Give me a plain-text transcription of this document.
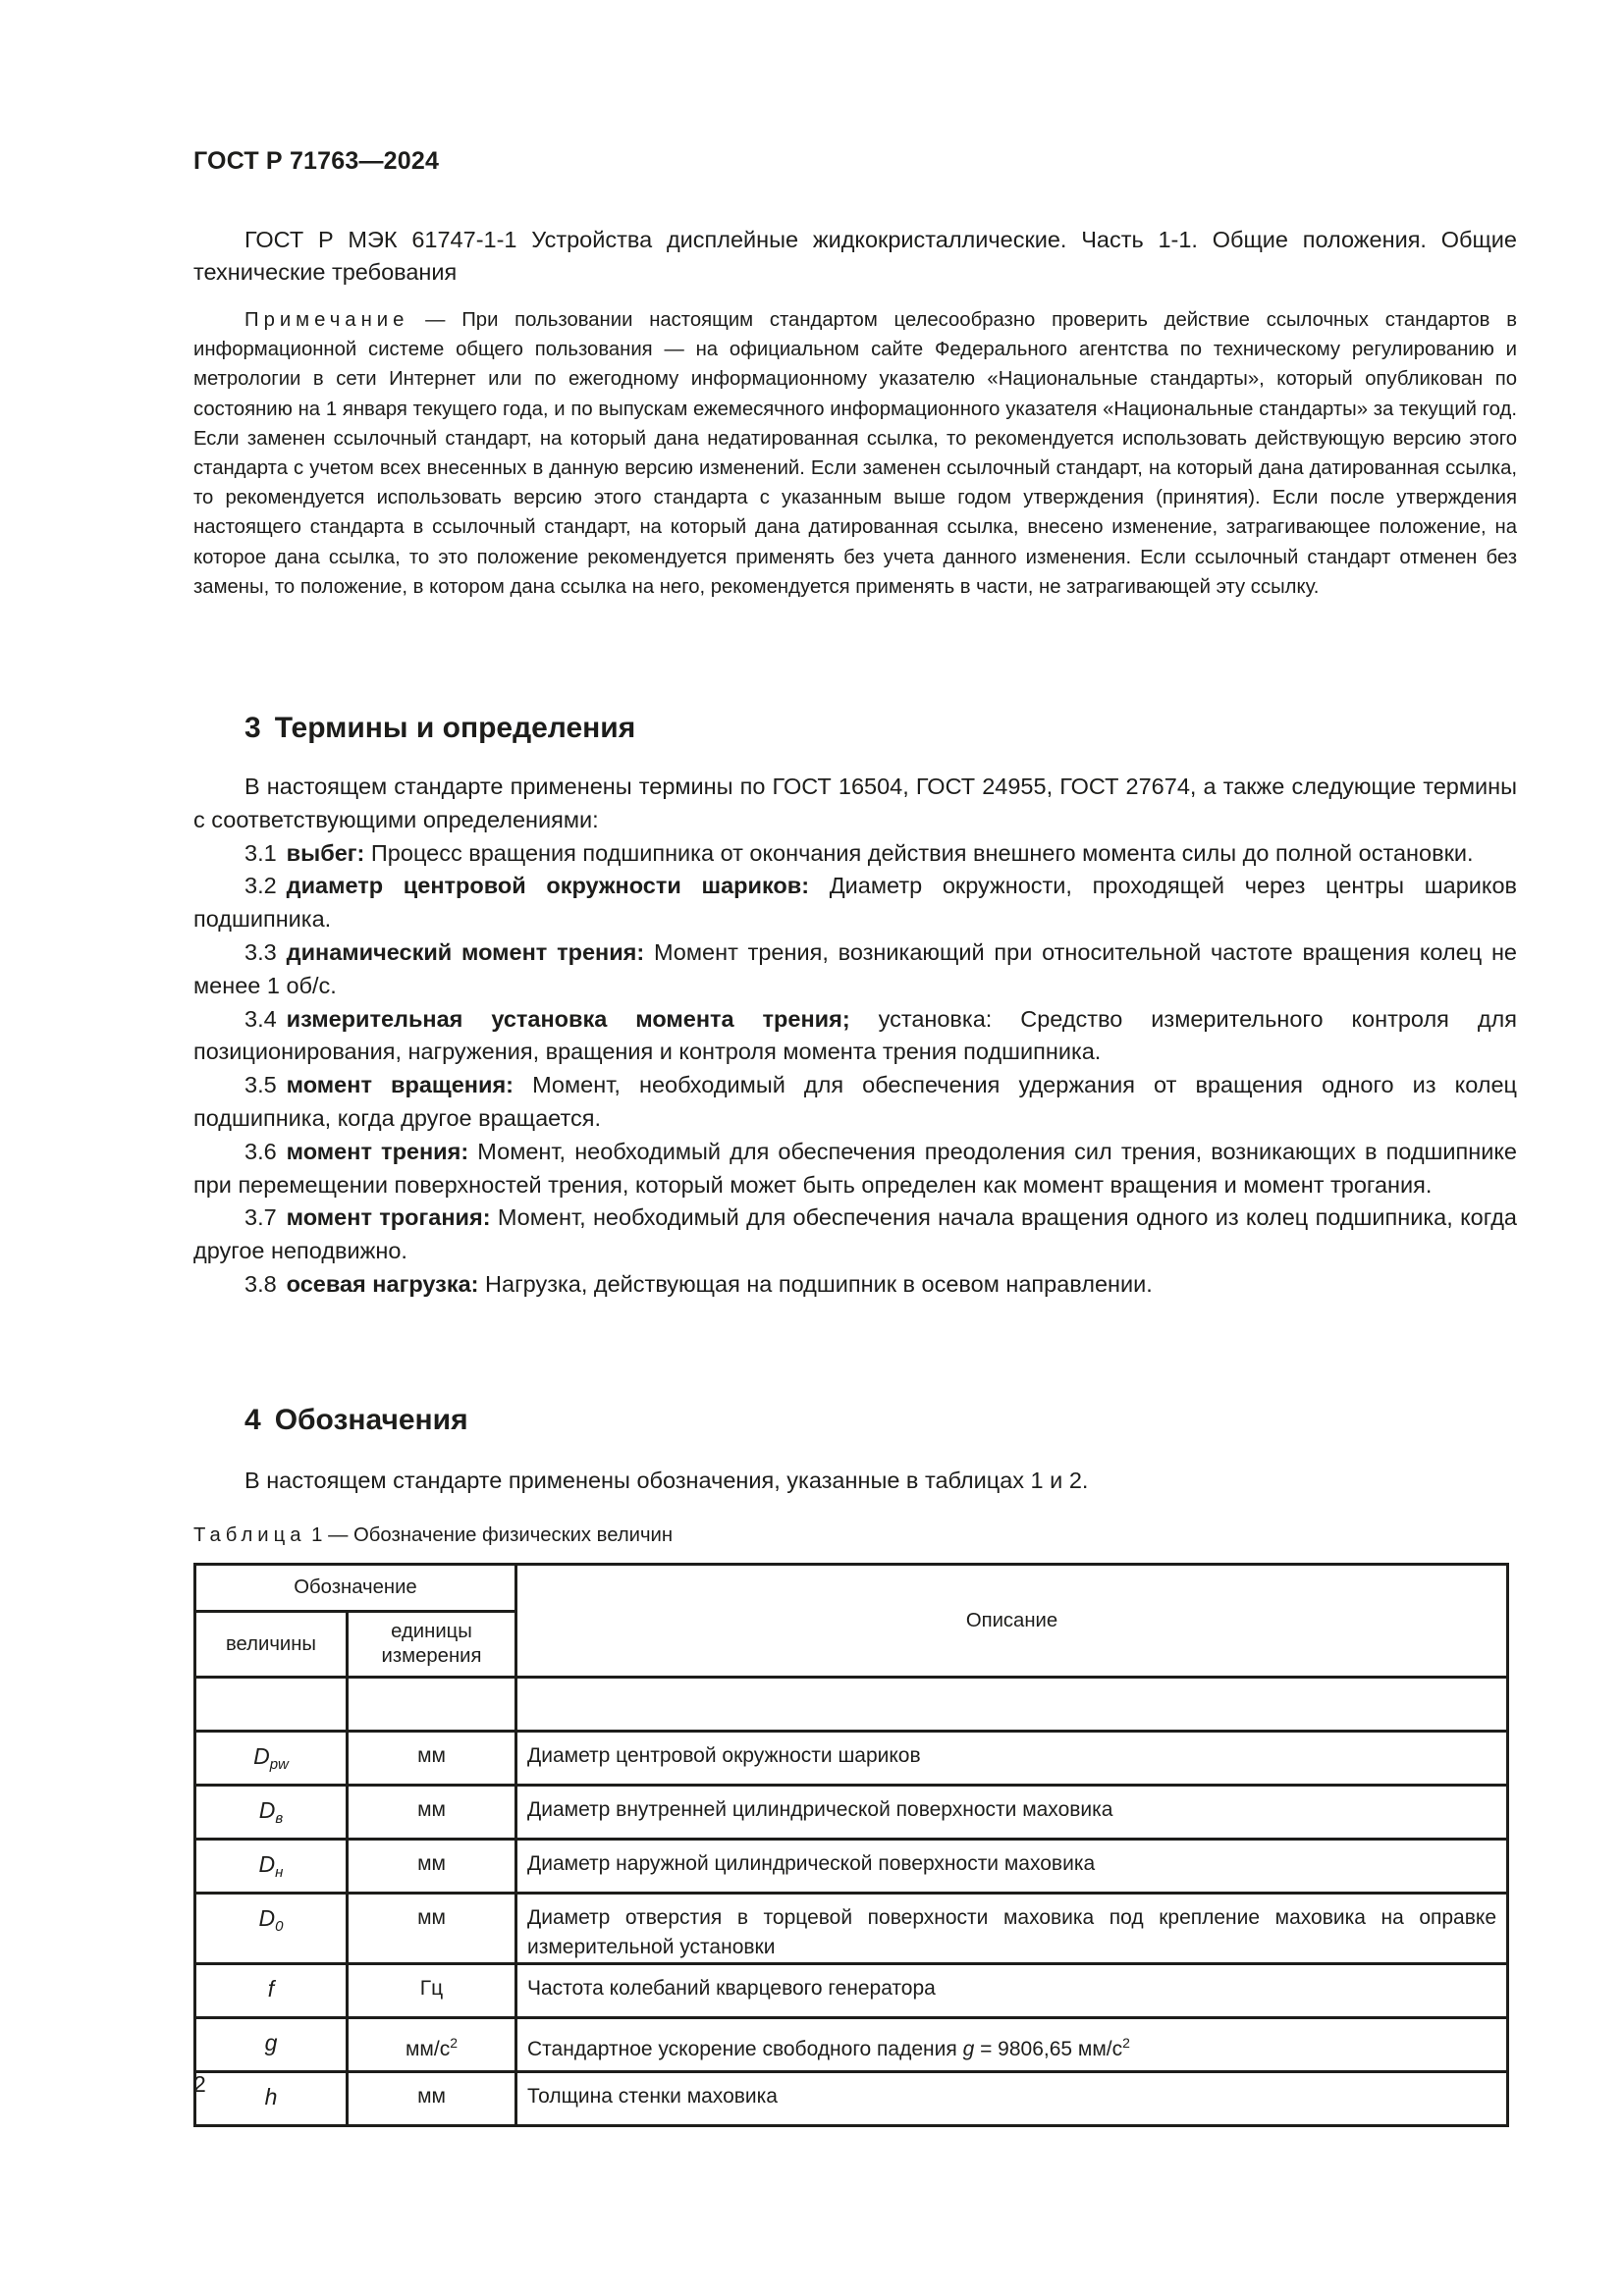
ГОСТ Р 71763—2024
ГОСТ Р МЭК 61747-1-1 Устройства дисплейные жидкокристаллические. Часть 1-1. Общие положения. Общие технические требования
Примечание — При пользовании настоящим стандартом целесообразно проверить действие ссылочных стандартов в информационной системе общего пользования — на официальном сайте Федерального агентства по техническому регулированию и метрологии в сети Интернет или по ежегодному информационному указателю «Национальные стандарты», который опубликован по состоянию на 1 января текущего года, и по выпускам ежемесячного информационного указателя «Национальные стандарты» за текущий год. Если заменен ссылочный стандарт, на который дана недатированная ссылка, то рекомендуется использовать действующую версию этого стандарта с учетом всех внесенных в данную версию изменений. Если заменен ссылочный стандарт, на который дана датированная ссылка, то рекомендуется использовать версию этого стандарта с указанным выше годом утверждения (принятия). Если после утверждения настоящего стандарта в ссылочный стандарт, на который дана датированная ссылка, внесено изменение, затрагивающее положение, на которое дана ссылка, то это положение рекомендуется применять без учета данного изменения. Если ссылочный стандарт отменен без замены, то положение, в котором дана ссылка на него, рекомендуется применять в части, не затрагивающей эту ссылку.
3 Термины и определения

В настоящем стандарте применены термины по ГОСТ 16504, ГОСТ 24955, ГОСТ 27674, а также следующие термины с соответствующими определениями:

3.1 выбег: Процесс вращения подшипника от окончания действия внешнего момента силы до полной остановки.

3.2 диаметр центровой окружности шариков: Диаметр окружности, проходящей через центры шариков подшипника.

3.3 динамический момент трения: Момент трения, возникающий при относительной частоте вращения колец не менее 1 об/с.

3.4 измерительная установка момента трения; установка: Средство измерительного контроля для позиционирования, нагружения, вращения и контроля момента трения подшипника.

3.5 момент вращения: Момент, необходимый для обеспечения удержания от вращения одного из колец подшипника, когда другое вращается.

3.6 момент трения: Момент, необходимый для обеспечения преодоления сил трения, возникающих в подшипнике при перемещении поверхностей трения, который может быть определен как момент вращения и момент трогания.

3.7 момент трогания: Момент, необходимый для обеспечения начала вращения одного из колец подшипника, когда другое неподвижно.

3.8 осевая нагрузка: Нагрузка, действующая на подшипник в осевом направлении.

4 Обозначения

В настоящем стандарте применены обозначения, указанные в таблицах 1 и 2.

Таблица 1 — Обозначение физических величин
Обозначение		Описание
величины	единицы измерения	

$D_{pw}$	мм	Диаметр центровой окружности шариков
$D_в$	мм	Диаметр внутренней цилиндрической поверхности маховика
$D_н$	мм	Диаметр наружной цилиндрической поверхности маховика
$D_0$	мм	Диаметр отверстия в торцевой поверхности маховика под крепление маховика на оправке измерительной установки
f	Гц	Частота колебаний кварцевого генератора
g	$мм/с^2$	Стандартное ускорение свободного падения g = 9806,65 $мм/с^2$
h	мм	Толщина стенки маховика
2
